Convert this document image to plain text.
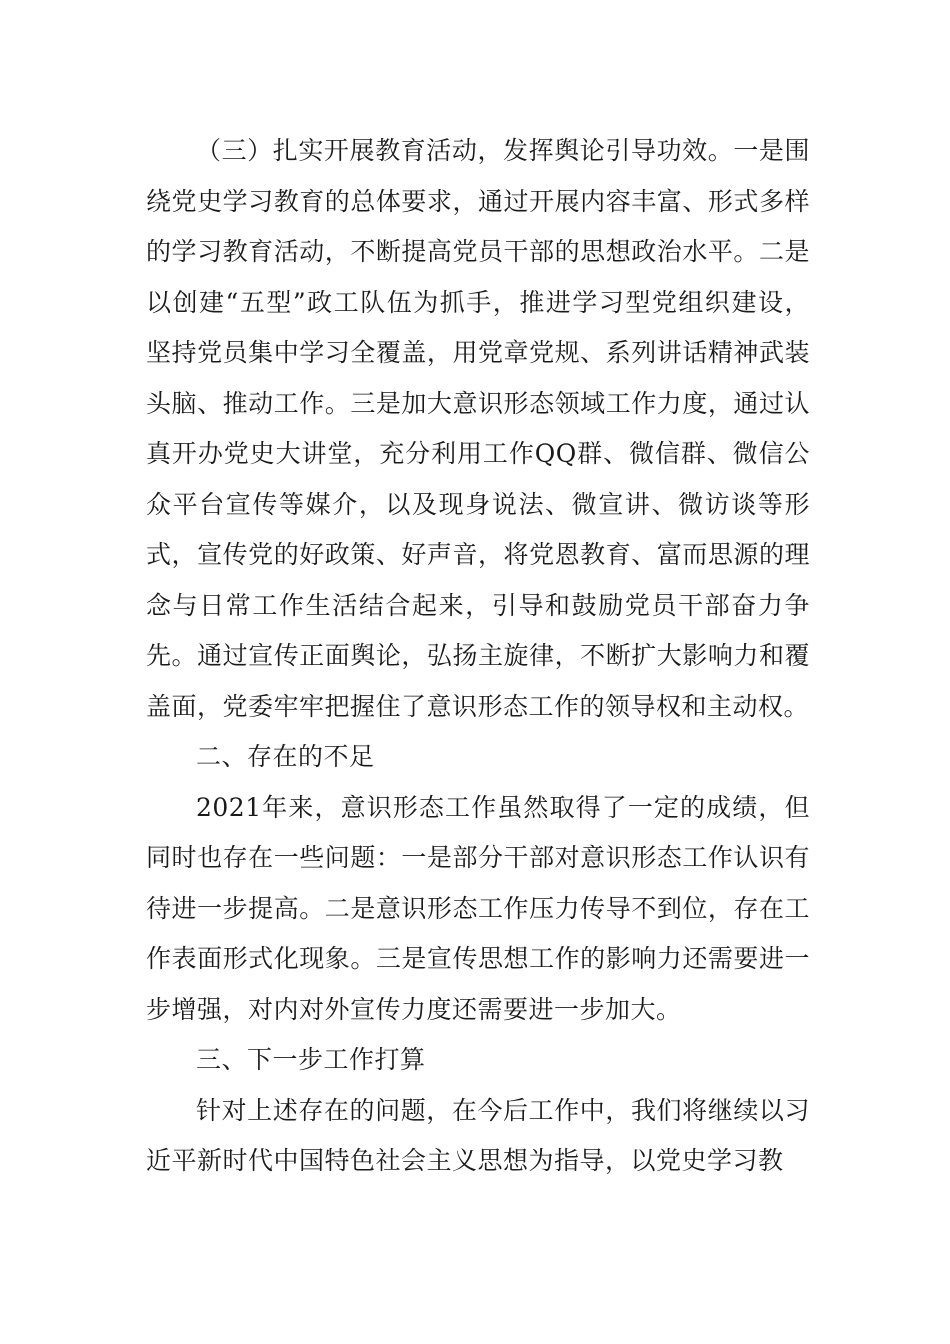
（三）扎实开展教育活动，发挥舆论引导功效。一是围绕党史学习教育的总体要求，通过开展内容丰富、形式多样的学习教育活动，不断提高党员干部的思想政治水平。二是以创建“五型”政工队伍为抓手，推进学习型党组织建设，坚持党员集中学习全覆盖，用党章党规、系列讲话精神武装头脑、推动工作。三是加大意识形态领域工作力度，通过认真开办党史大讲堂，充分利用工作QQ群、微信群、微信公众平台宣传等媒介，以及现身说法、微宣讲、微访谈等形式，宣传党的好政策、好声音，将党恩教育、富而思源的理念与日常工作生活结合起来，引导和鼓励党员干部奋力争先。通过宣传正面舆论，弘扬主旋律，不断扩大影响力和覆盖面，党委牢牢把握住了意识形态工作的领导权和主动权。

二、存在的不足

2021年来，意识形态工作虽然取得了一定的成绩，但同时也存在一些问题：一是部分干部对意识形态工作认识有待进一步提高。二是意识形态工作压力传导不到位，存在工作表面形式化现象。三是宣传思想工作的影响力还需要进一步增强，对内对外宣传力度还需要进一步加大。

三、下一步工作打算

针对上述存在的问题，在今后工作中，我们将继续以习近平新时代中国特色社会主义思想为指导，以党史学习教
